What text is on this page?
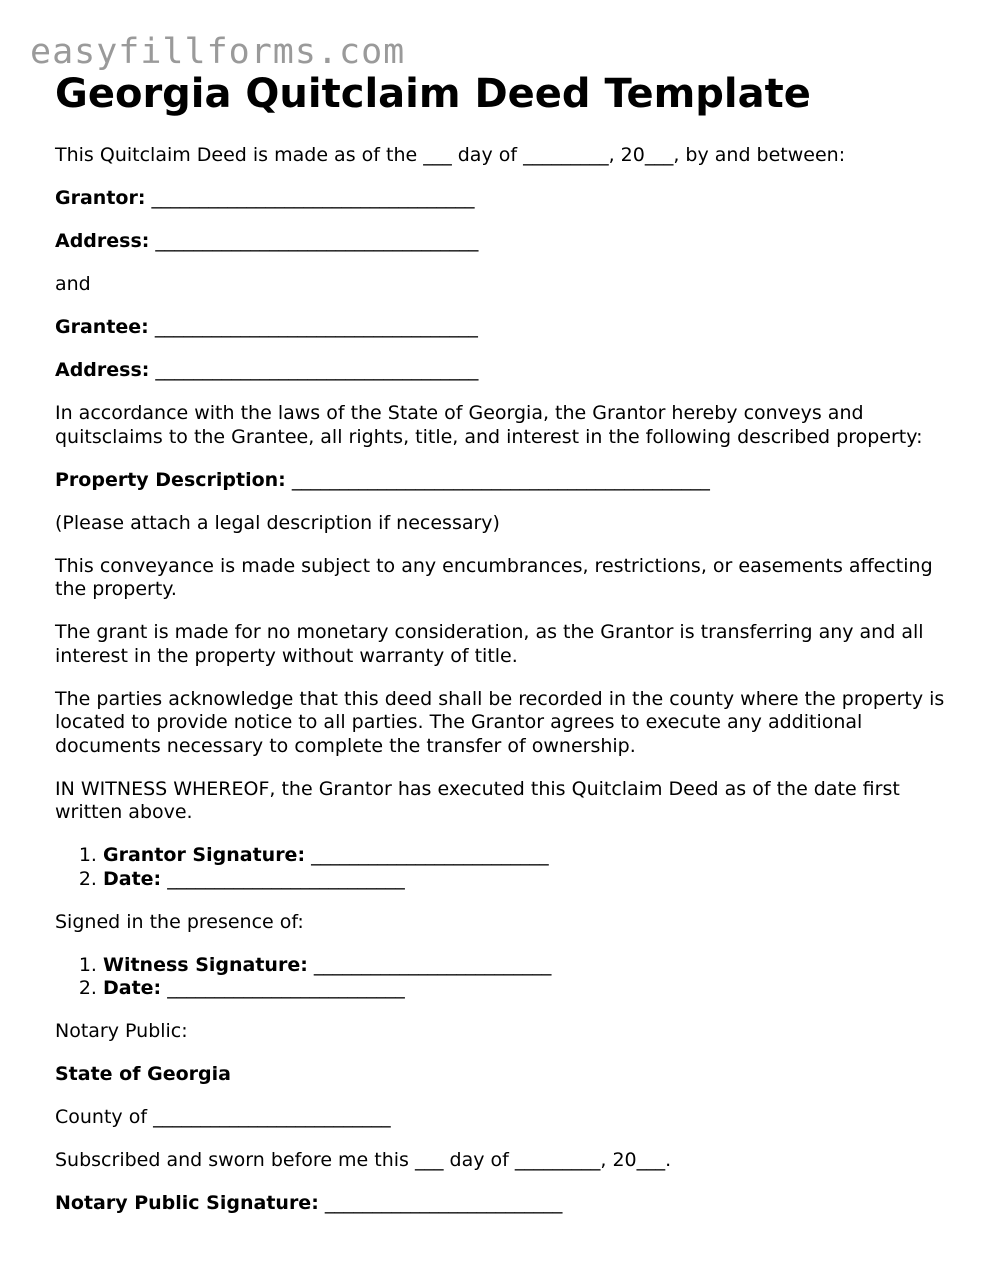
easyfillforms.com
Georgia Quitclaim Deed Template

This Quitclaim Deed is made as of the ___ day of _________, 20___, by and between:

Grantor: __________________________________

Address: __________________________________

and

Grantee: __________________________________

Address: __________________________________

In accordance with the laws of the State of Georgia, the Grantor hereby conveys and quitsclaims to the Grantee, all rights, title, and interest in the following described property:

Property Description: ____________________________________________

(Please attach a legal description if necessary)

This conveyance is made subject to any encumbrances, restrictions, or easements affecting the property.

The grant is made for no monetary consideration, as the Grantor is transferring any and all interest in the property without warranty of title.

The parties acknowledge that this deed shall be recorded in the county where the property is located to provide notice to all parties. The Grantor agrees to execute any additional documents necessary to complete the transfer of ownership.

IN WITNESS WHEREOF, the Grantor has executed this Quitclaim Deed as of the date first written above.

1. Grantor Signature: _________________________
2. Date: _________________________

Signed in the presence of:

1. Witness Signature: _________________________
2. Date: _________________________

Notary Public:

State of Georgia

County of _________________________

Subscribed and sworn before me this ___ day of _________, 20___.

Notary Public Signature: _________________________
